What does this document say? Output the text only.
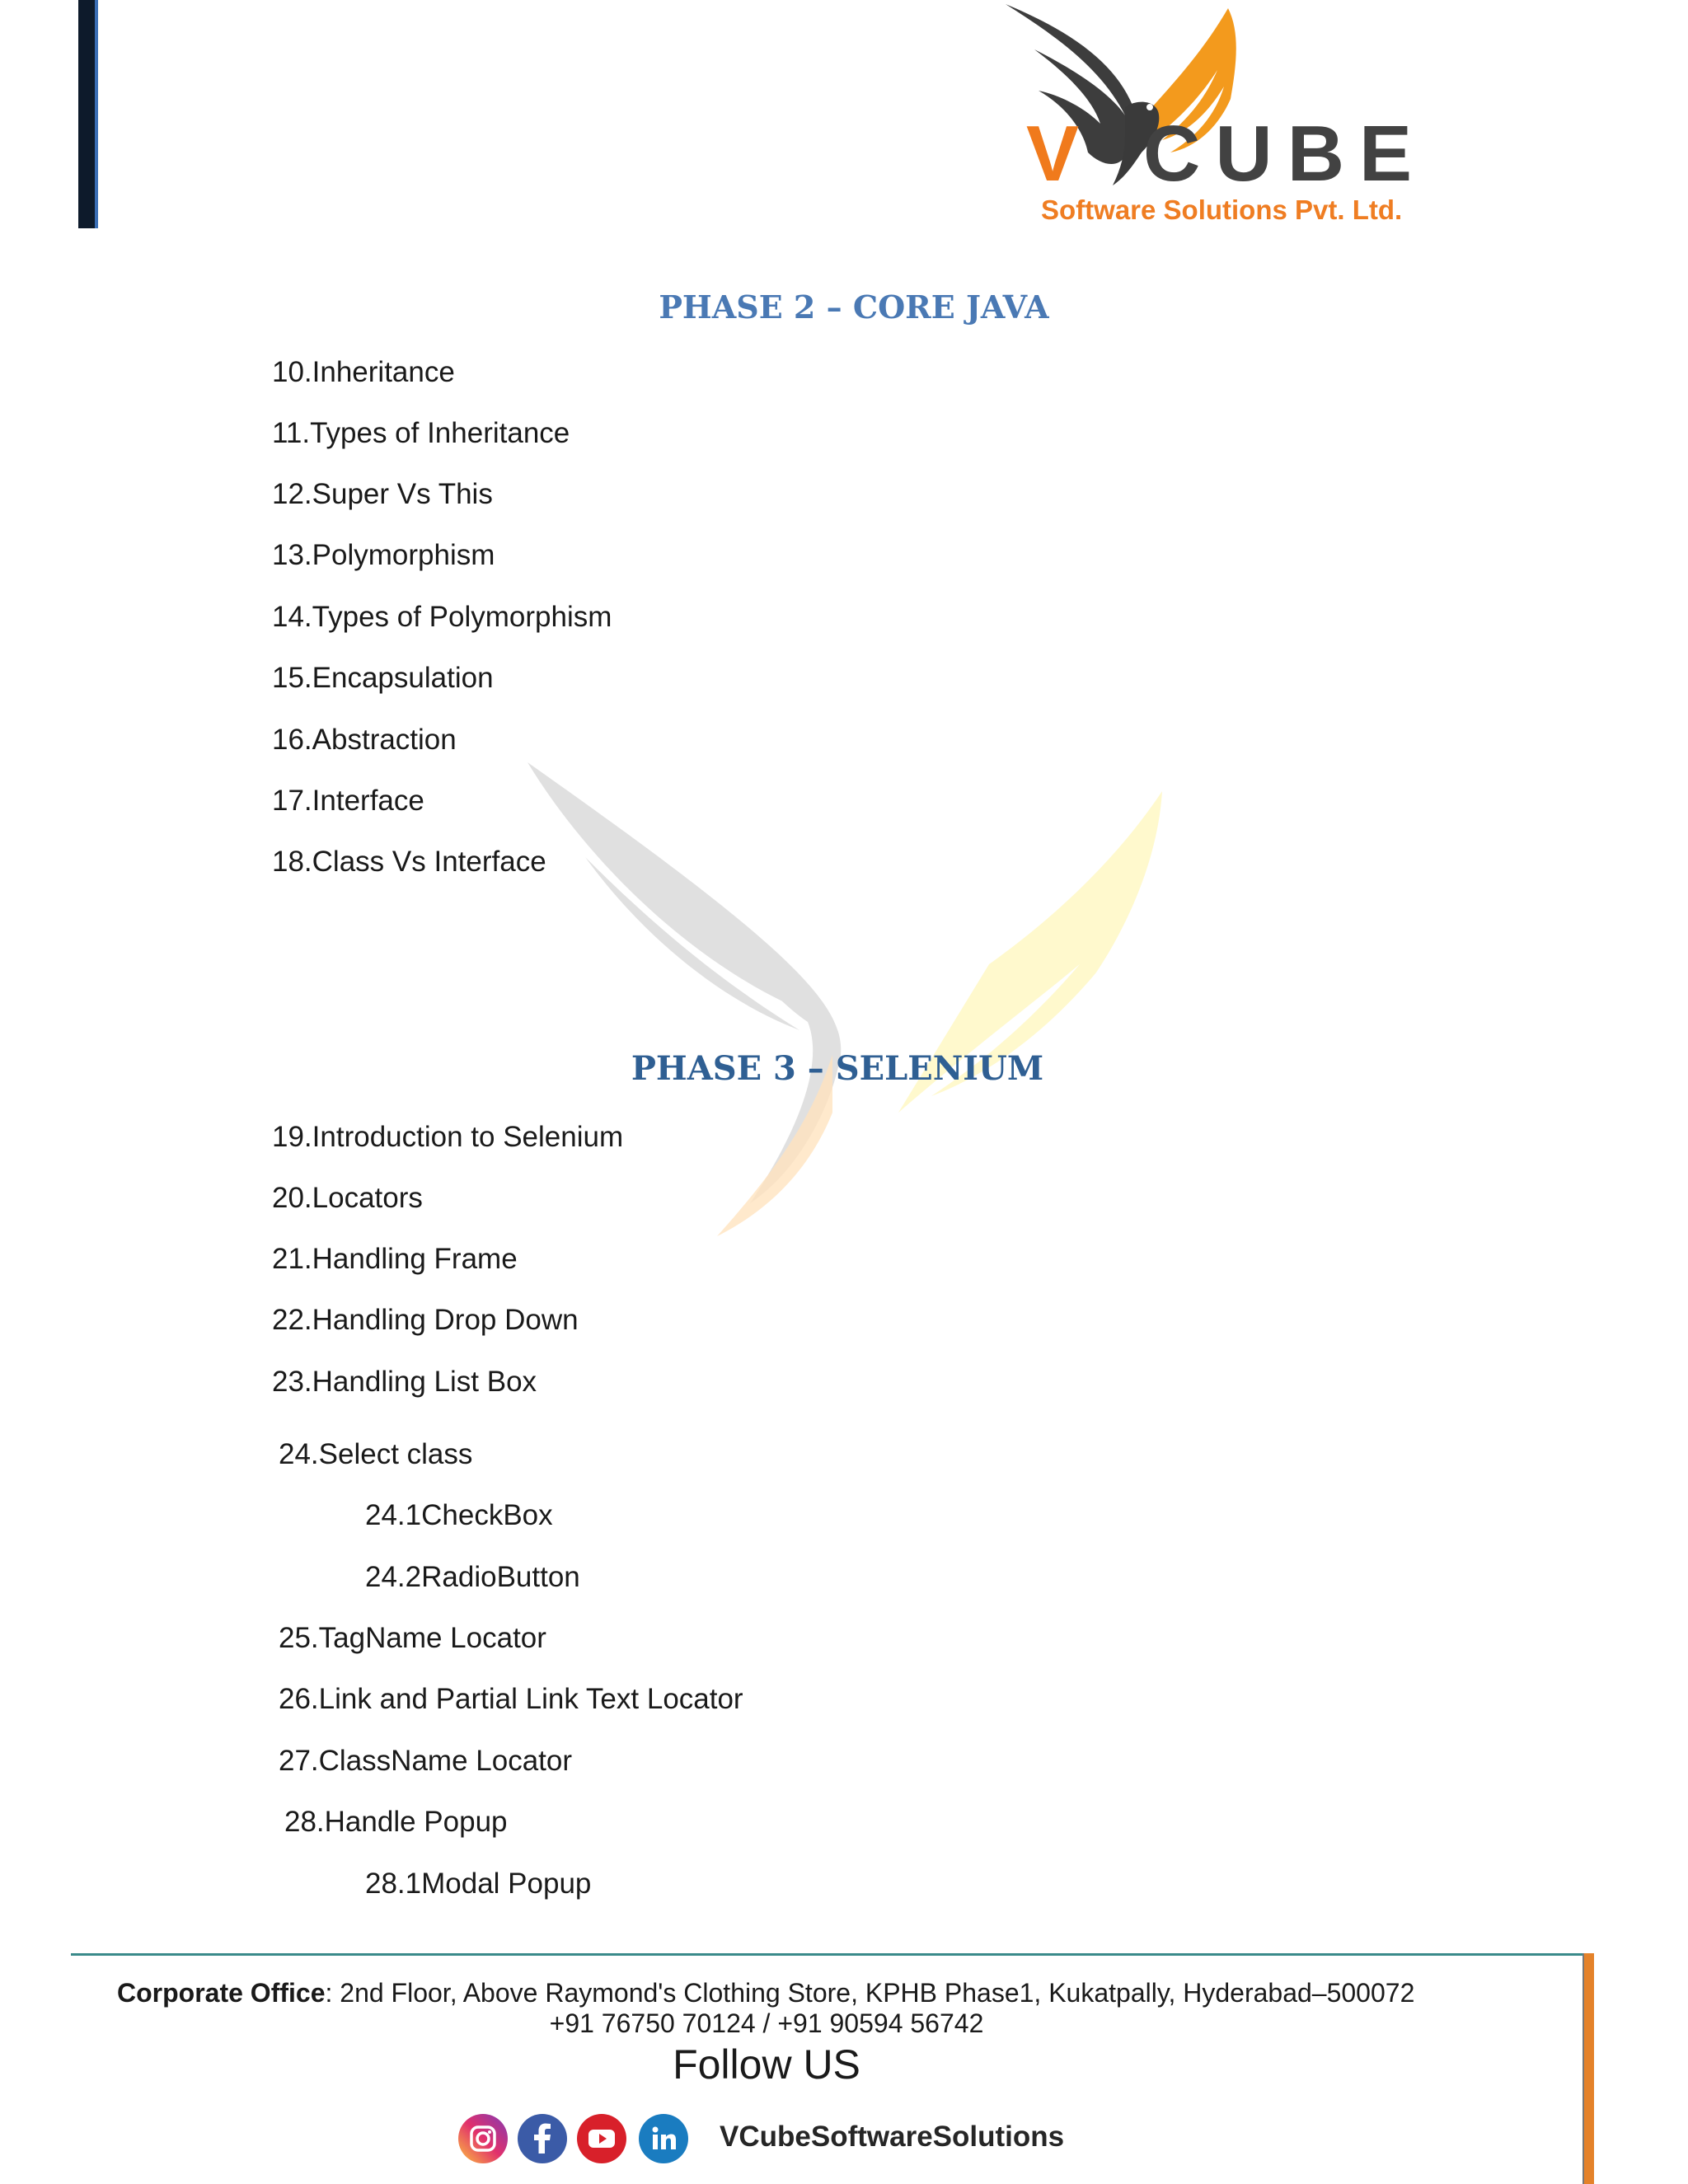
V CUBE
Software Solutions Pvt. Ltd.
PHASE 2 – CORE JAVA
10.Inheritance
11.Types of Inheritance
12.Super Vs This
13.Polymorphism
14.Types of Polymorphism
15.Encapsulation
16.Abstraction
17.Interface
18.Class Vs Interface
PHASE 3 – SELENIUM
19.Introduction to Selenium
20.Locators
21.Handling Frame
22.Handling Drop Down
23.Handling List Box
24.Select class
24.1CheckBox
24.2RadioButton
25.TagName Locator
26.Link and Partial Link Text Locator
27.ClassName Locator
28.Handle Popup
28.1Modal Popup
Corporate Office: 2nd Floor, Above Raymond's Clothing Store, KPHB Phase1, Kukatpally, Hyderabad–500072
+91 76750 70124 / +91 90594 56742
Follow US
VCubeSoftwareSolutions
